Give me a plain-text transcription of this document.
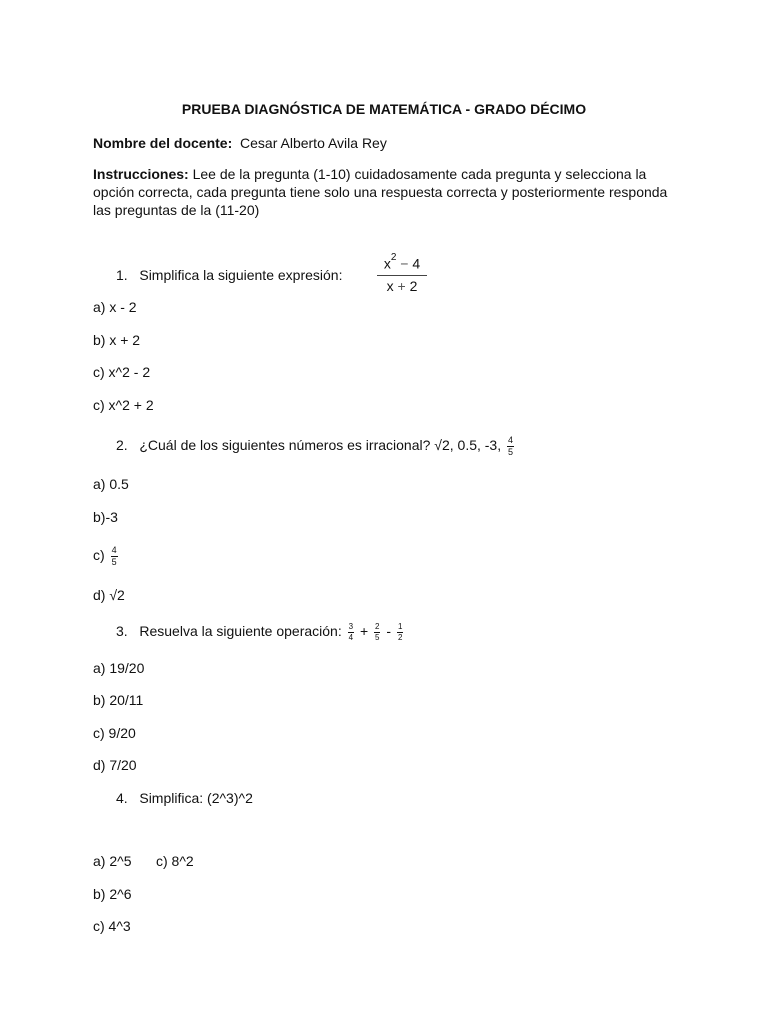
PRUEBA DIAGNÓSTICA DE MATEMÁTICA - GRADO DÉCIMO
Nombre del docente: Cesar Alberto Avila Rey
Instrucciones: Lee de la pregunta (1-10) cuidadosamente cada pregunta y selecciona la
opción correcta, cada pregunta tiene solo una respuesta correcta y posteriormente responda
las preguntas de la (11-20)
1. Simplifica la siguiente expresión: $\frac{x^2 - 4}{x + 2}$
a) x - 2
b) x + 2
c) x^2 - 2
c) x^2 + 2
2. ¿Cuál de los siguientes números es irracional? √2, 0.5, -3, $\frac{4}{5}$
a) 0.5
b)-3
$c) \frac{4}{5}$
d) √2
3. Resuelva la siguiente operación: $\frac{3}{4} + \frac{2}{5} - \frac{1}{2}$
a) 19/20
b) 20/11
c) 9/20
d) 7/20
4. Simplifica: (2^3)^2
a) 2^5 c) 8^2
b) 2^6
c) 4^3
